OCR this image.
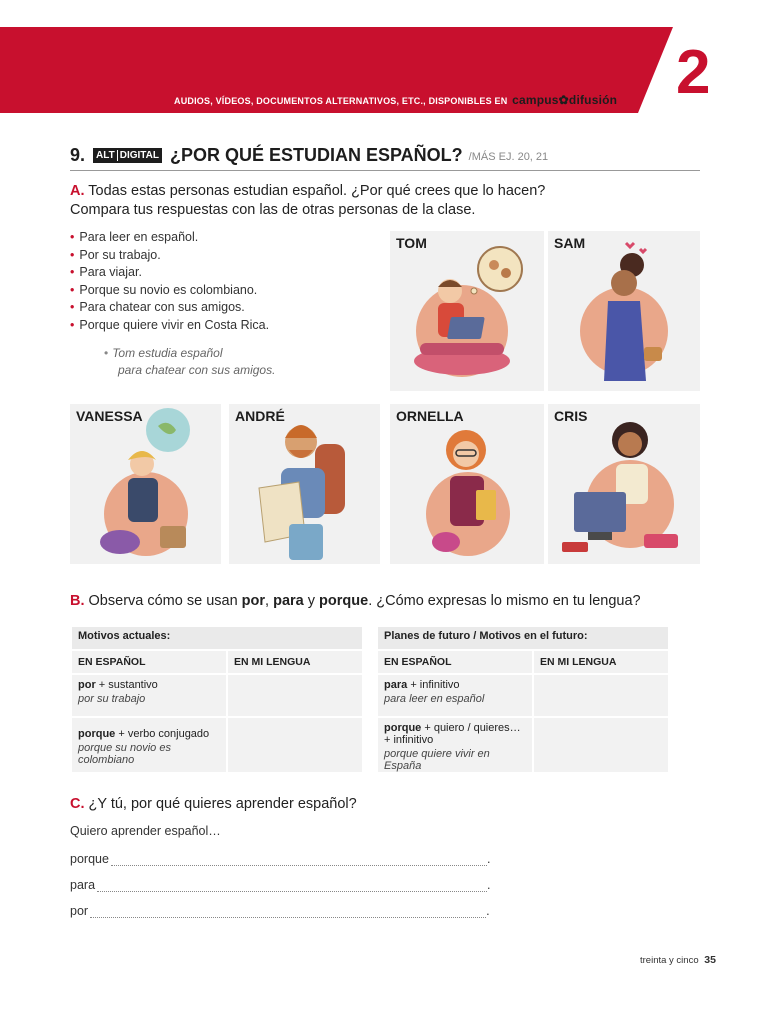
AUDIOS, VÍDEOS, DOCUMENTOS ALTERNATIVOS, ETC., DISPONIBLES EN campus✿difusión 2
9. ALT DIGITAL ¿POR QUÉ ESTUDIAN ESPAÑOL? /MÁS EJ. 20, 21
A. Todas estas personas estudian español. ¿Por qué crees que lo hacen?
Compara tus respuestas con las de otras personas de la clase.
• Para leer en español.
• Por su trabajo.
• Para viajar.
• Porque su novio es colombiano.
• Para chatear con sus amigos.
• Porque quiere vivir en Costa Rica.
• Tom estudia español
para chatear con sus amigos.
TOM	SAM
VANESSA	ANDRÉ	ORNELLA	CRIS
B. Observa cómo se usan por, para y porque. ¿Cómo expresas lo mismo en tu lengua?
Motivos actuales:
EN ESPAÑOL	EN MI LENGUA
por + sustantivo
por su trabajo
porque + verbo conjugado
porque su novio es colombiano
Planes de futuro / Motivos en el futuro:
EN ESPAÑOL	EN MI LENGUA
para + infinitivo
para leer en español
porque + quiero / quieres…
+ infinitivo
porque quiere vivir en España
C. ¿Y tú, por qué quieres aprender español?
Quiero aprender español…
porque	.
para	.
por	.
treinta y cinco 35
